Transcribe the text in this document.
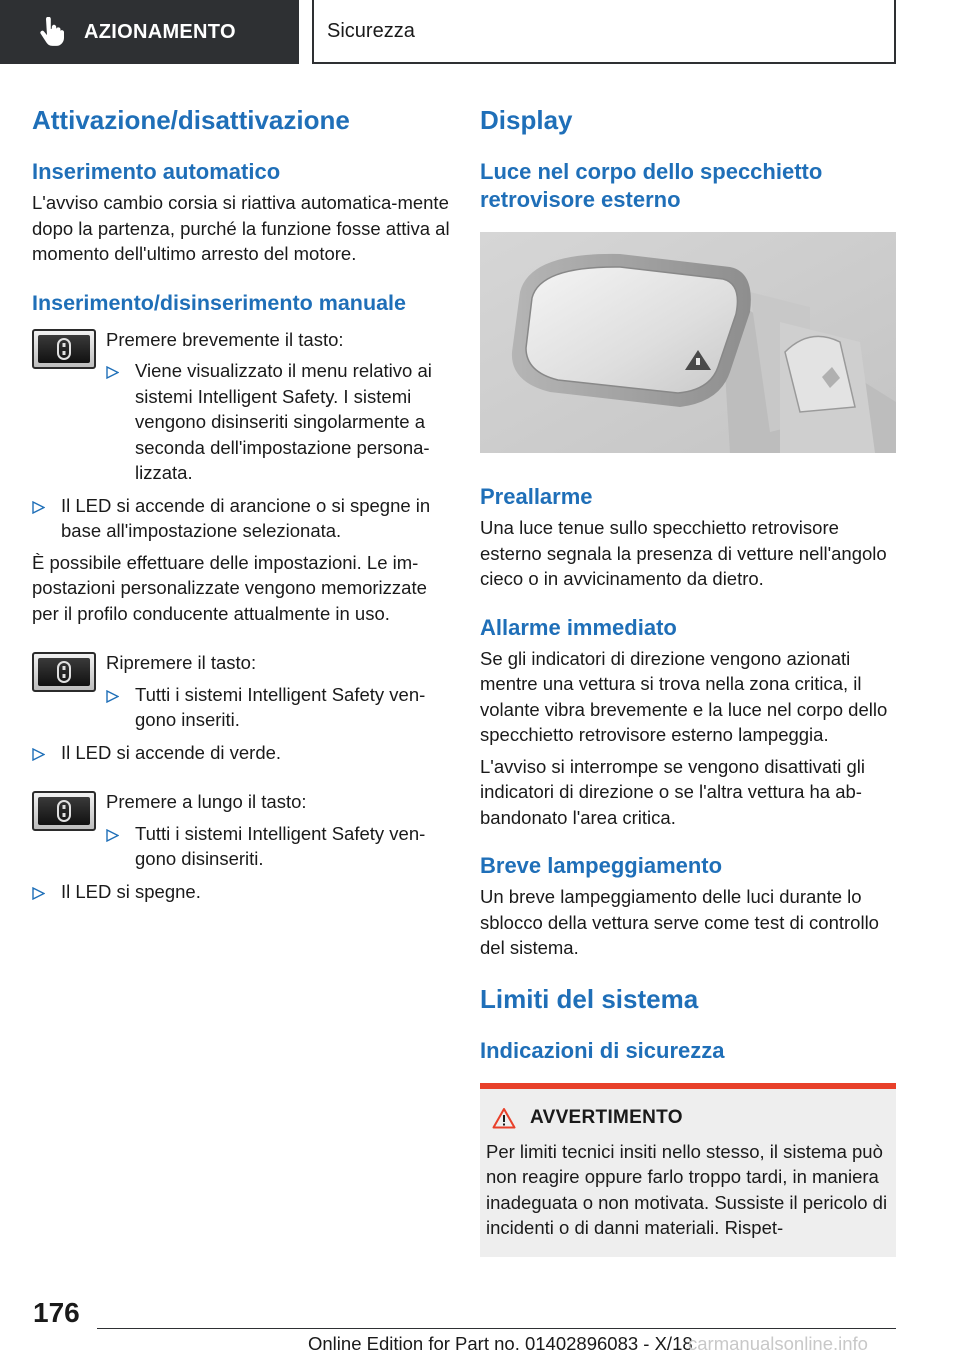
AZIONAMENTO	Sicurezza
Attivazione/disattivazione
Inserimento automatico
L'avviso cambio corsia si riattiva automatica-mente dopo la partenza, purché la funzione fosse attiva al momento dell'ultimo arresto del motore.
Inserimento/disinserimento manuale
Premere brevemente il tasto:
Viene visualizzato il menu relativo ai sistemi Intelligent Safety. I sistemi vengono disinseriti singolarmente a seconda dell'impostazione persona-lizzata.
Il LED si accende di arancione o si spegne in base all'impostazione selezionata.
È possibile effettuare delle impostazioni. Le im-postazioni personalizzate vengono memorizzate per il profilo conducente attualmente in uso.
Ripremere il tasto:
Tutti i sistemi Intelligent Safety ven-gono inseriti.
Il LED si accende di verde.
Premere a lungo il tasto:
Tutti i sistemi Intelligent Safety ven-gono disinseriti.
Il LED si spegne.
Display
Luce nel corpo dello specchietto retrovisore esterno
Preallarme
Una luce tenue sullo specchietto retrovisore esterno segnala la presenza di vetture nell'angolo cieco o in avvicinamento da dietro.
Allarme immediato
Se gli indicatori di direzione vengono azionati mentre una vettura si trova nella zona critica, il volante vibra brevemente e la luce nel corpo dello specchietto retrovisore esterno lampeggia.
L'avviso si interrompe se vengono disattivati gli indicatori di direzione o se l'altra vettura ha ab-bandonato l'area critica.
Breve lampeggiamento
Un breve lampeggiamento delle luci durante lo sblocco della vettura serve come test di controllo del sistema.
Limiti del sistema
Indicazioni di sicurezza
AVVERTIMENTO
Per limiti tecnici insiti nello stesso, il sistema può non reagire oppure farlo troppo tardi, in maniera inadeguata o non motivata. Sussiste il pericolo di incidenti o di danni materiali. Rispet-
176
Online Edition for Part no. 01402896083 - X/18
carmanualsonline.info
